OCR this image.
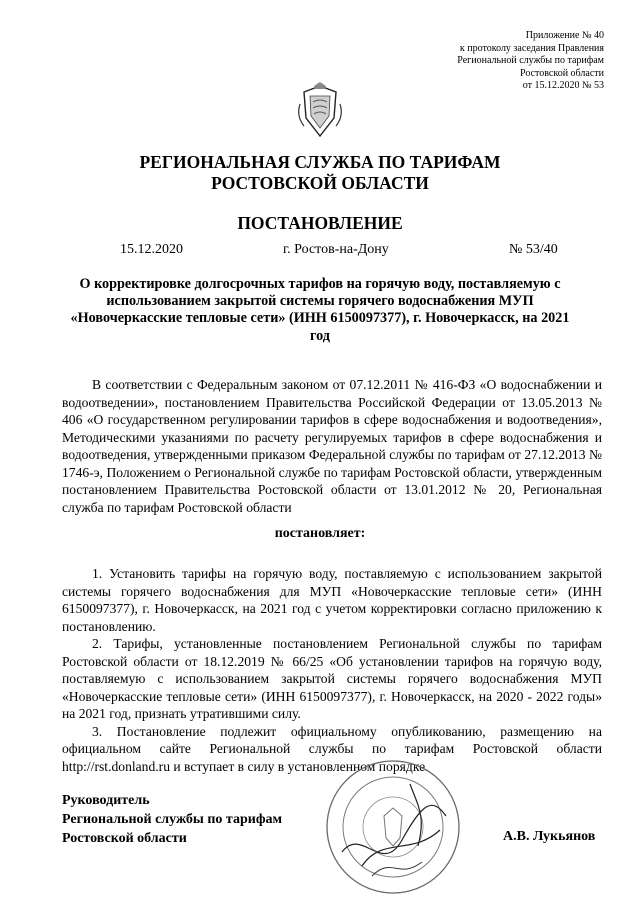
Приложение № 40
к протоколу заседания Правления
Региональной службы по тарифам
Ростовской области
от 15.12.2020 № 53
РЕГИОНАЛЬНАЯ СЛУЖБА ПО ТАРИФАМ
РОСТОВСКОЙ ОБЛАСТИ
ПОСТАНОВЛЕНИЕ
15.12.2020	г. Ростов-на-Дону	№ 53/40
О корректировке долгосрочных тарифов на горячую воду, поставляемую с использованием закрытой системы горячего водоснабжения МУП «Новочеркасские тепловые сети» (ИНН 6150097377), г. Новочеркасск, на 2021 год
В соответствии с Федеральным законом от 07.12.2011 № 416-ФЗ «О водоснабжении и водоотведении», постановлением Правительства Российской Федерации от 13.05.2013 № 406 «О государственном регулировании тарифов в сфере водоснабжения и водоотведения», Методическими указаниями по расчету регулируемых тарифов в сфере водоснабжения и водоотведения, утвержденными приказом Федеральной службы по тарифам от 27.12.2013 № 1746-э, Положением о Региональной службе по тарифам Ростовской области, утвержденным постановлением Правительства Ростовской области от 13.01.2012 № 20, Региональная служба по тарифам Ростовской области
постановляет:

1. Установить тарифы на горячую воду, поставляемую с использованием закрытой системы горячего водоснабжения для МУП «Новочеркасские тепловые сети» (ИНН 6150097377), г. Новочеркасск, на 2021 год с учетом корректировки согласно приложению к постановлению.

2. Тарифы, установленные постановлением Региональной службы по тарифам Ростовской области от 18.12.2019 № 66/25 «Об установлении тарифов на горячую воду, поставляемую с использованием закрытой системы горячего водоснабжения МУП «Новочеркасские тепловые сети» (ИНН 6150097377), г. Новочеркасск, на 2020 - 2022 годы» на 2021 год, признать утратившими силу.

3. Постановление подлежит официальному опубликованию, размещению на официальном сайте Региональной службы по тарифам Ростовской области http://rst.donland.ru и вступает в силу в установленном порядке.

Руководитель
Региональной службы по тарифам
Ростовской области	А.В. Лукьянов
